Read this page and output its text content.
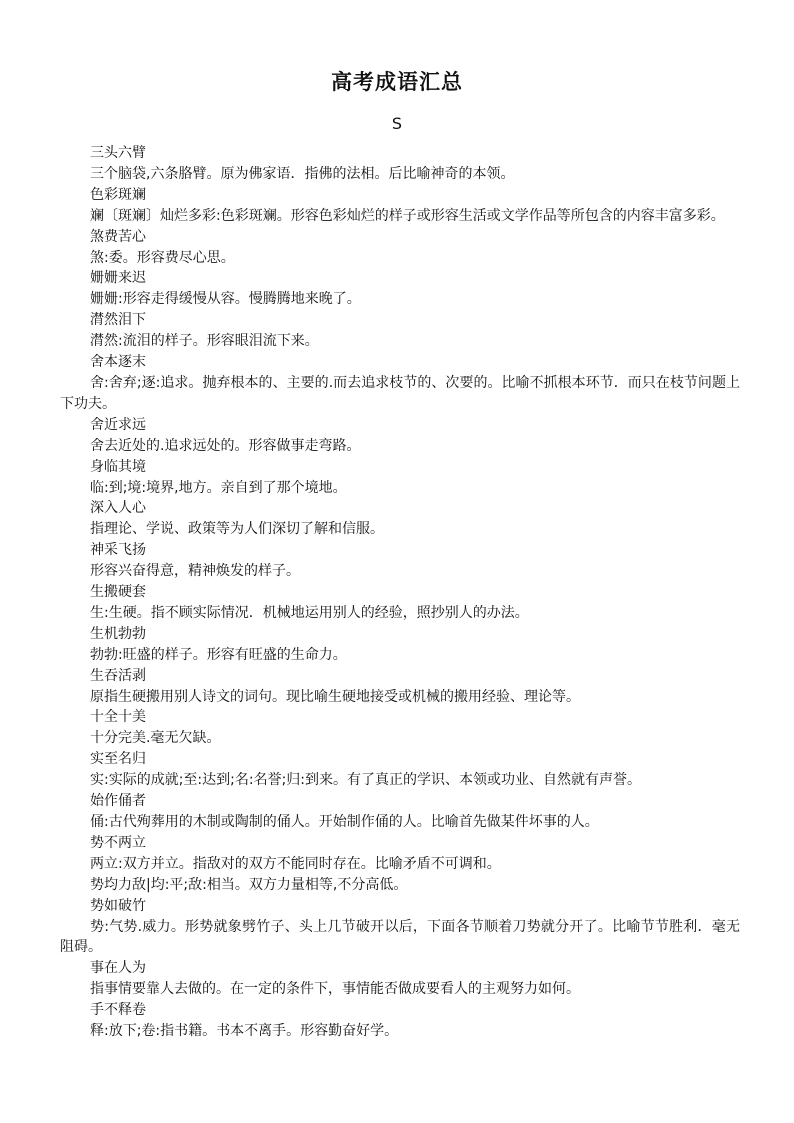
高考成语汇总
S

三头六臂

三个脑袋,六条胳臂。原为佛家语．指佛的法相。后比喻神奇的本领。

色彩斑斓

斓〔斑斓〕灿烂多彩:色彩斑斓。形容色彩灿烂的样子或形容生活或文学作品等所包含的内容丰富多彩。

煞费苦心

煞:委。形容费尽心思。

姗姗来迟

姗姗:形容走得缓慢从容。慢腾腾地来晚了。

潸然泪下

潸然:流泪的样子。形容眼泪流下来。

舍本逐末

舍:舍弃;逐:追求。抛弃根本的、主要的.而去追求枝节的、次要的。比喻不抓根本环节．而只在枝节问题上下功夫。

舍近求远

舍去近处的.追求远处的。形容做事走弯路。

身临其境

临:到;境:境界,地方。亲自到了那个境地。

深入人心

指理论、学说、政策等为人们深切了解和信服。

神采飞扬

形容兴奋得意，精神焕发的样子。

生搬硬套

生:生硬。指不顾实际情况．机械地运用别人的经验，照抄别人的办法。

生机勃勃

勃勃:旺盛的样子。形容有旺盛的生命力。

生吞活剥

原指生硬搬用别人诗文的词句。现比喻生硬地接受或机械的搬用经验、理论等。

十全十美

十分完美.毫无欠缺。

实至名归

实:实际的成就;至:达到;名:名誉;归:到来。有了真正的学识、本领或功业、自然就有声誉。

始作俑者

俑:古代殉葬用的木制或陶制的俑人。开始制作俑的人。比喻首先做某件坏事的人。

势不两立

两立:双方并立。指敌对的双方不能同时存在。比喻矛盾不可调和。

势均力敌|均:平;敌:相当。双方力量相等,不分高低。

势如破竹

势:气势.威力。形势就象劈竹子、头上几节破开以后，下面各节顺着刀势就分开了。比喻节节胜利．毫无阻碍。

事在人为

指事情要靠人去做的。在一定的条件下，事情能否做成要看人的主观努力如何。

手不释卷

释:放下;卷:指书籍。书本不离手。形容勤奋好学。
